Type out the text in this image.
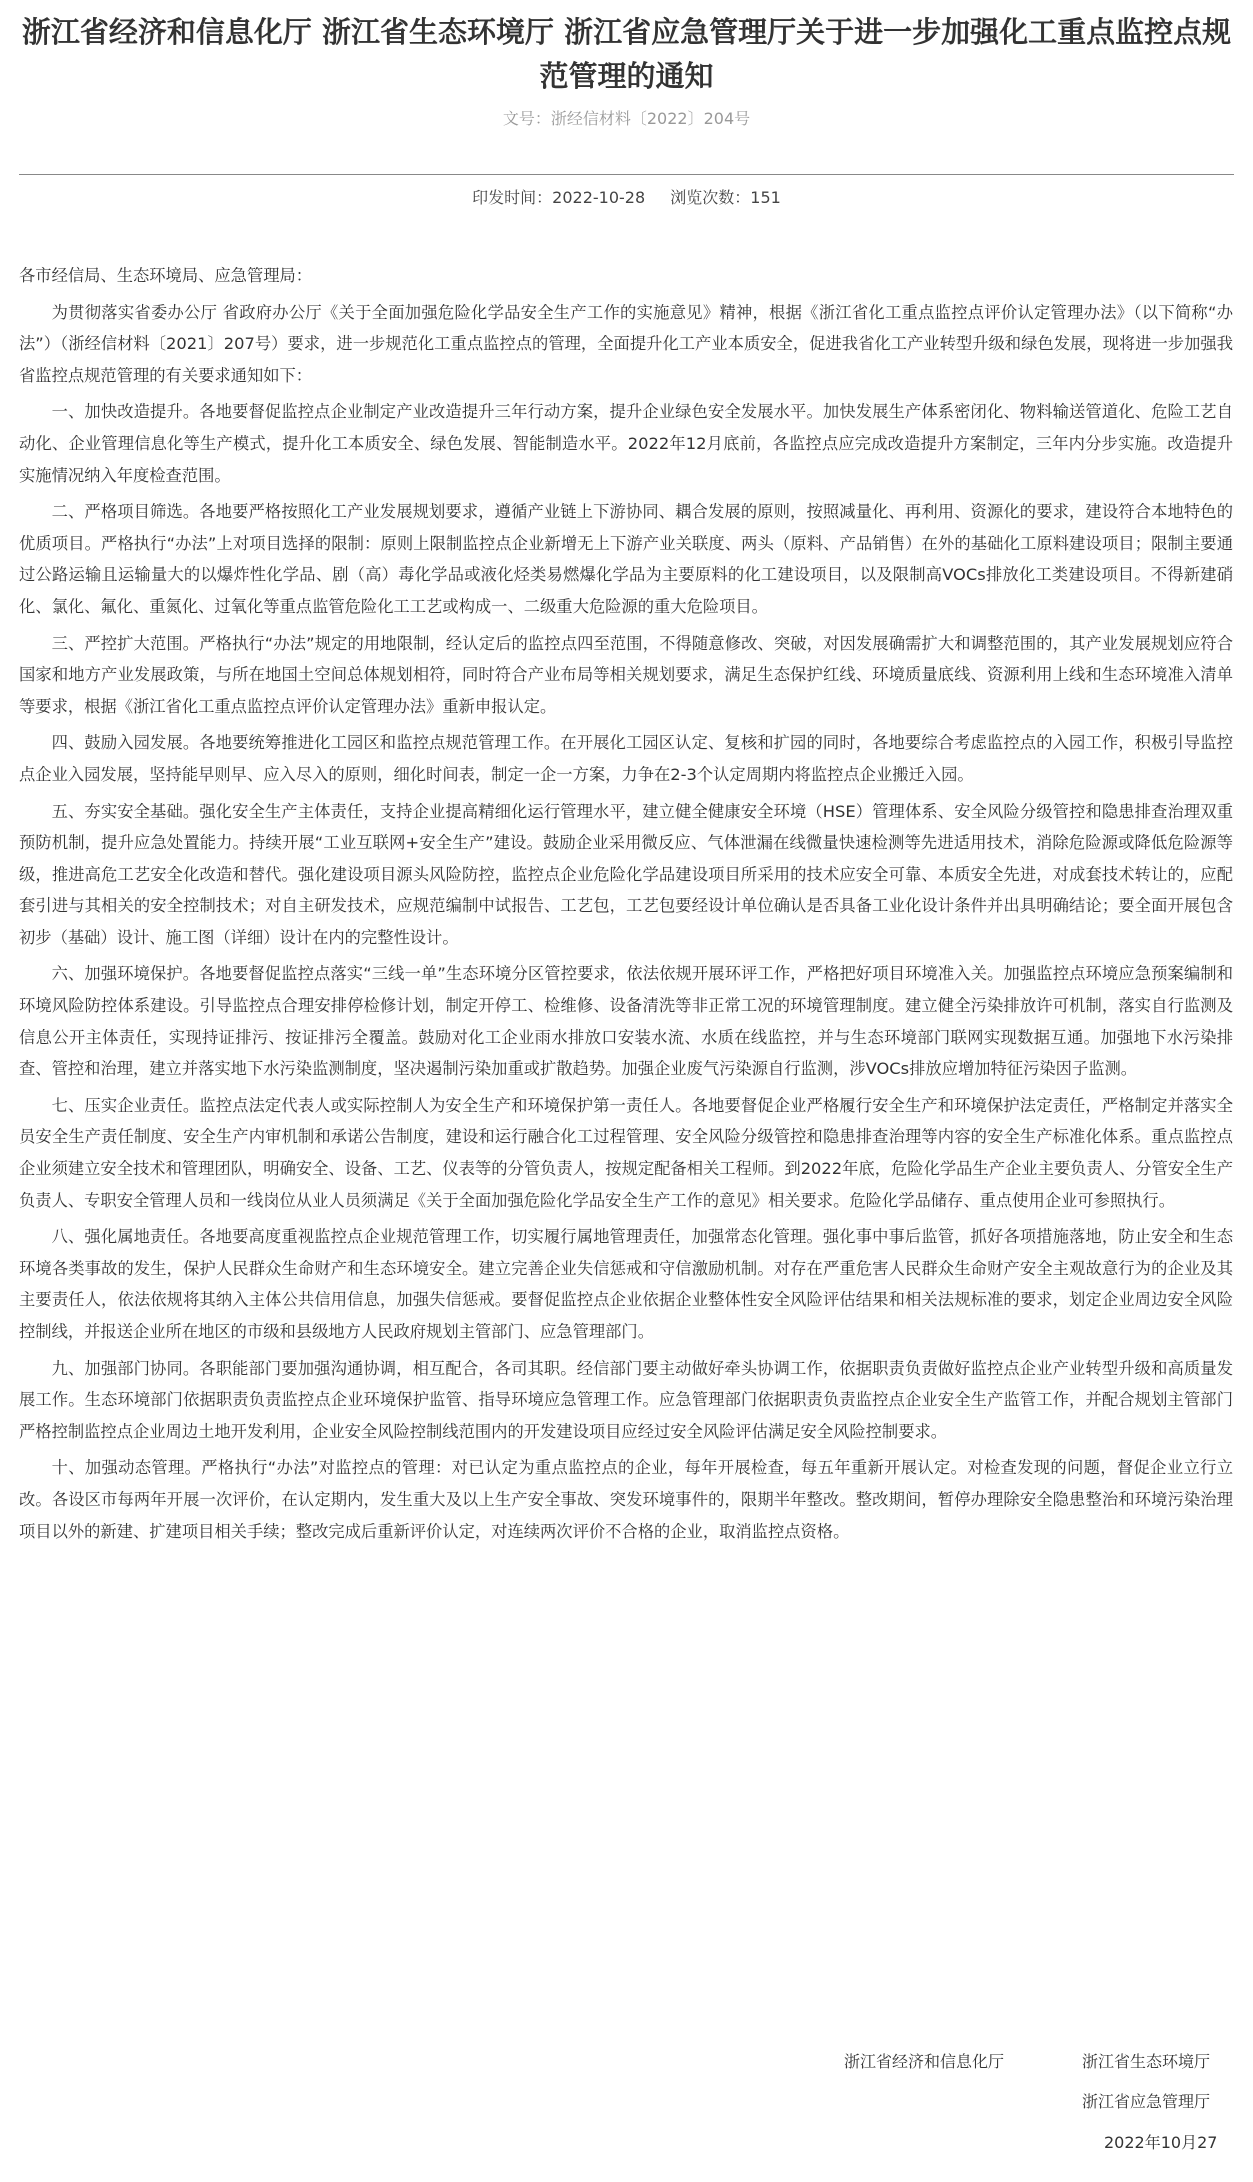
浙江省经济和信息化厅 浙江省生态环境厅 浙江省应急管理厅关于进一步加强化工重点监控点规范管理的通知
文号：浙经信材料〔2022〕204号
印发时间：2022-10-28 浏览次数：151

各市经信局、生态环境局、应急管理局：

为贯彻落实省委办公厅 省政府办公厅《关于全面加强危险化学品安全生产工作的实施意见》精神，根据《浙江省化工重点监控点评价认定管理办法》（以下简称“办法”）（浙经信材料〔2021〕207号）要求，进一步规范化工重点监控点的管理，全面提升化工产业本质安全，促进我省化工产业转型升级和绿色发展，现将进一步加强我省监控点规范管理的有关要求通知如下：

一、加快改造提升。各地要督促监控点企业制定产业改造提升三年行动方案，提升企业绿色安全发展水平。加快发展生产体系密闭化、物料输送管道化、危险工艺自动化、企业管理信息化等生产模式，提升化工本质安全、绿色发展、智能制造水平。2022年12月底前，各监控点应完成改造提升方案制定，三年内分步实施。改造提升实施情况纳入年度检查范围。

二、严格项目筛选。各地要严格按照化工产业发展规划要求，遵循产业链上下游协同、耦合发展的原则，按照减量化、再利用、资源化的要求，建设符合本地特色的优质项目。严格执行“办法”上对项目选择的限制：原则上限制监控点企业新增无上下游产业关联度、两头（原料、产品销售）在外的基础化工原料建设项目；限制主要通过公路运输且运输量大的以爆炸性化学品、剧（高）毒化学品或液化烃类易燃爆化学品为主要原料的化工建设项目，以及限制高VOCs排放化工类建设项目。不得新建硝化、氯化、氟化、重氮化、过氧化等重点监管危险化工工艺或构成一、二级重大危险源的重大危险项目。

三、严控扩大范围。严格执行“办法”规定的用地限制，经认定后的监控点四至范围，不得随意修改、突破，对因发展确需扩大和调整范围的，其产业发展规划应符合国家和地方产业发展政策，与所在地国土空间总体规划相符，同时符合产业布局等相关规划要求，满足生态保护红线、环境质量底线、资源利用上线和生态环境准入清单等要求，根据《浙江省化工重点监控点评价认定管理办法》重新申报认定。

四、鼓励入园发展。各地要统筹推进化工园区和监控点规范管理工作。在开展化工园区认定、复核和扩园的同时，各地要综合考虑监控点的入园工作，积极引导监控点企业入园发展，坚持能早则早、应入尽入的原则，细化时间表，制定一企一方案，力争在2-3个认定周期内将监控点企业搬迁入园。

五、夯实安全基础。强化安全生产主体责任，支持企业提高精细化运行管理水平，建立健全健康安全环境（HSE）管理体系、安全风险分级管控和隐患排查治理双重预防机制，提升应急处置能力。持续开展“工业互联网+安全生产”建设。鼓励企业采用微反应、气体泄漏在线微量快速检测等先进适用技术，消除危险源或降低危险源等级，推进高危工艺安全化改造和替代。强化建设项目源头风险防控，监控点企业危险化学品建设项目所采用的技术应安全可靠、本质安全先进，对成套技术转让的，应配套引进与其相关的安全控制技术；对自主研发技术，应规范编制中试报告、工艺包，工艺包要经设计单位确认是否具备工业化设计条件并出具明确结论；要全面开展包含初步（基础）设计、施工图（详细）设计在内的完整性设计。

六、加强环境保护。各地要督促监控点落实“三线一单”生态环境分区管控要求，依法依规开展环评工作，严格把好项目环境准入关。加强监控点环境应急预案编制和环境风险防控体系建设。引导监控点合理安排停检修计划，制定开停工、检维修、设备清洗等非正常工况的环境管理制度。建立健全污染排放许可机制，落实自行监测及信息公开主体责任，实现持证排污、按证排污全覆盖。鼓励对化工企业雨水排放口安装水流、水质在线监控，并与生态环境部门联网实现数据互通。加强地下水污染排查、管控和治理，建立并落实地下水污染监测制度，坚决遏制污染加重或扩散趋势。加强企业废气污染源自行监测，涉VOCs排放应增加特征污染因子监测。

七、压实企业责任。监控点法定代表人或实际控制人为安全生产和环境保护第一责任人。各地要督促企业严格履行安全生产和环境保护法定责任，严格制定并落实全员安全生产责任制度、安全生产内审机制和承诺公告制度，建设和运行融合化工过程管理、安全风险分级管控和隐患排查治理等内容的安全生产标准化体系。重点监控点企业须建立安全技术和管理团队，明确安全、设备、工艺、仪表等的分管负责人，按规定配备相关工程师。到2022年底，危险化学品生产企业主要负责人、分管安全生产负责人、专职安全管理人员和一线岗位从业人员须满足《关于全面加强危险化学品安全生产工作的意见》相关要求。危险化学品储存、重点使用企业可参照执行。

八、强化属地责任。各地要高度重视监控点企业规范管理工作，切实履行属地管理责任，加强常态化管理。强化事中事后监管，抓好各项措施落地，防止安全和生态环境各类事故的发生，保护人民群众生命财产和生态环境安全。建立完善企业失信惩戒和守信激励机制。对存在严重危害人民群众生命财产安全主观故意行为的企业及其主要责任人，依法依规将其纳入主体公共信用信息，加强失信惩戒。要督促监控点企业依据企业整体性安全风险评估结果和相关法规标准的要求，划定企业周边安全风险控制线，并报送企业所在地区的市级和县级地方人民政府规划主管部门、应急管理部门。

九、加强部门协同。各职能部门要加强沟通协调，相互配合，各司其职。经信部门要主动做好牵头协调工作，依据职责负责做好监控点企业产业转型升级和高质量发展工作。生态环境部门依据职责负责监控点企业环境保护监管、指导环境应急管理工作。应急管理部门依据职责负责监控点企业安全生产监管工作，并配合规划主管部门严格控制监控点企业周边土地开发利用，企业安全风险控制线范围内的开发建设项目应经过安全风险评估满足安全风险控制要求。

十、加强动态管理。严格执行“办法”对监控点的管理：对已认定为重点监控点的企业，每年开展检查，每五年重新开展认定。对检查发现的问题，督促企业立行立改。各设区市每两年开展一次评价，在认定期内，发生重大及以上生产安全事故、突发环境事件的，限期半年整改。整改期间，暂停办理除安全隐患整治和环境污染治理项目以外的新建、扩建项目相关手续；整改完成后重新评价认定，对连续两次评价不合格的企业，取消监控点资格。

浙江省经济和信息化厅	浙江省生态环境厅
浙江省应急管理厅
2022年10月27
